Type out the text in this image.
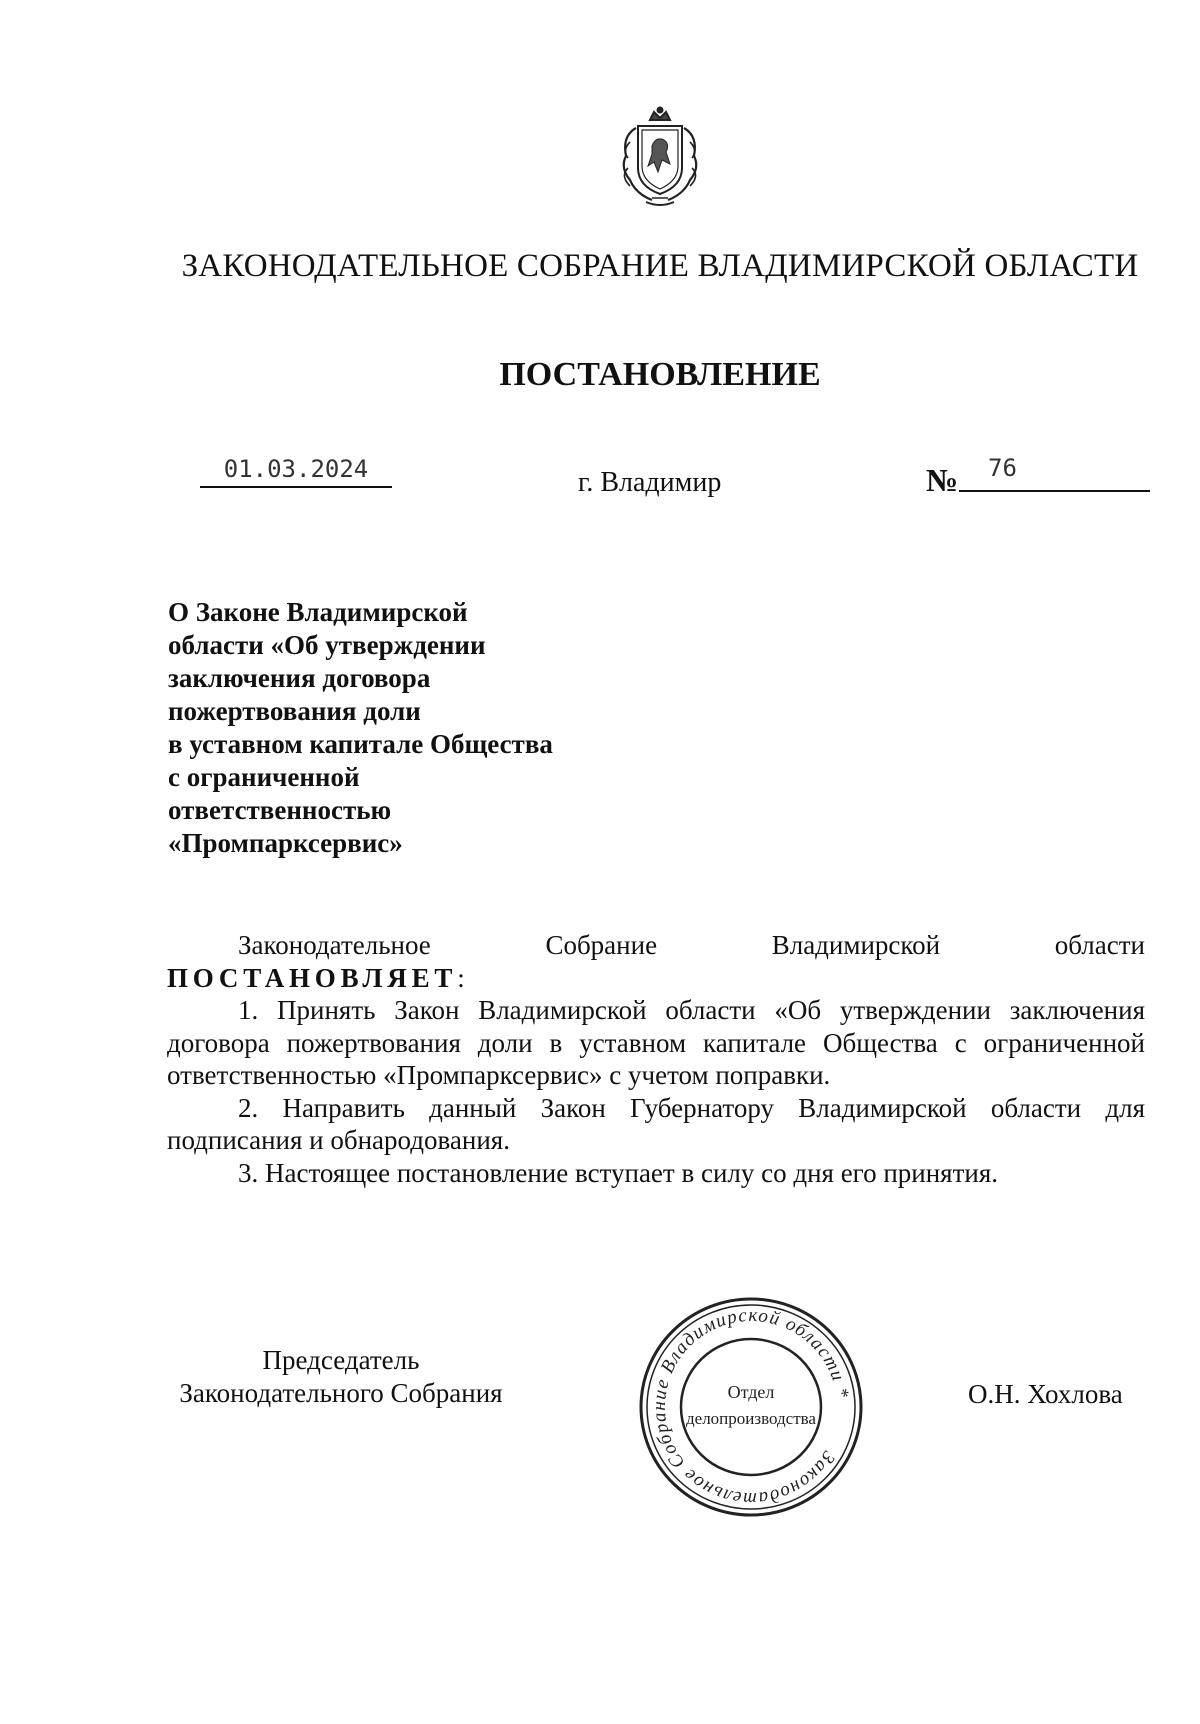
ЗАКОНОДАТЕЛЬНОЕ СОБРАНИЕ ВЛАДИМИРСКОЙ ОБЛАСТИ
ПОСТАНОВЛЕНИЕ
01.03.2024	г. Владимир	№ 76
О Законе Владимирской
области «Об утверждении
заключения договора
пожертвования доли
в уставном капитале Общества
с ограниченной
ответственностью
«Промпарксервис»

Законодательное Собрание Владимирской области

ПОСТАНОВЛЯЕТ:

1. Принять Закон Владимирской области «Об утверждении заключения договора пожертвования доли в уставном капитале Общества с ограниченной ответственностью «Промпарксервис» с учетом поправки.

2. Направить данный Закон Губернатору Владимирской области для подписания и обнародования.

3. Настоящее постановление вступает в силу со дня его принятия.

Председатель
Законодательного Собрания	О.Н. Хохлова
Законодательное Собрание Владимирской области *
Отдел
делопроизводства
